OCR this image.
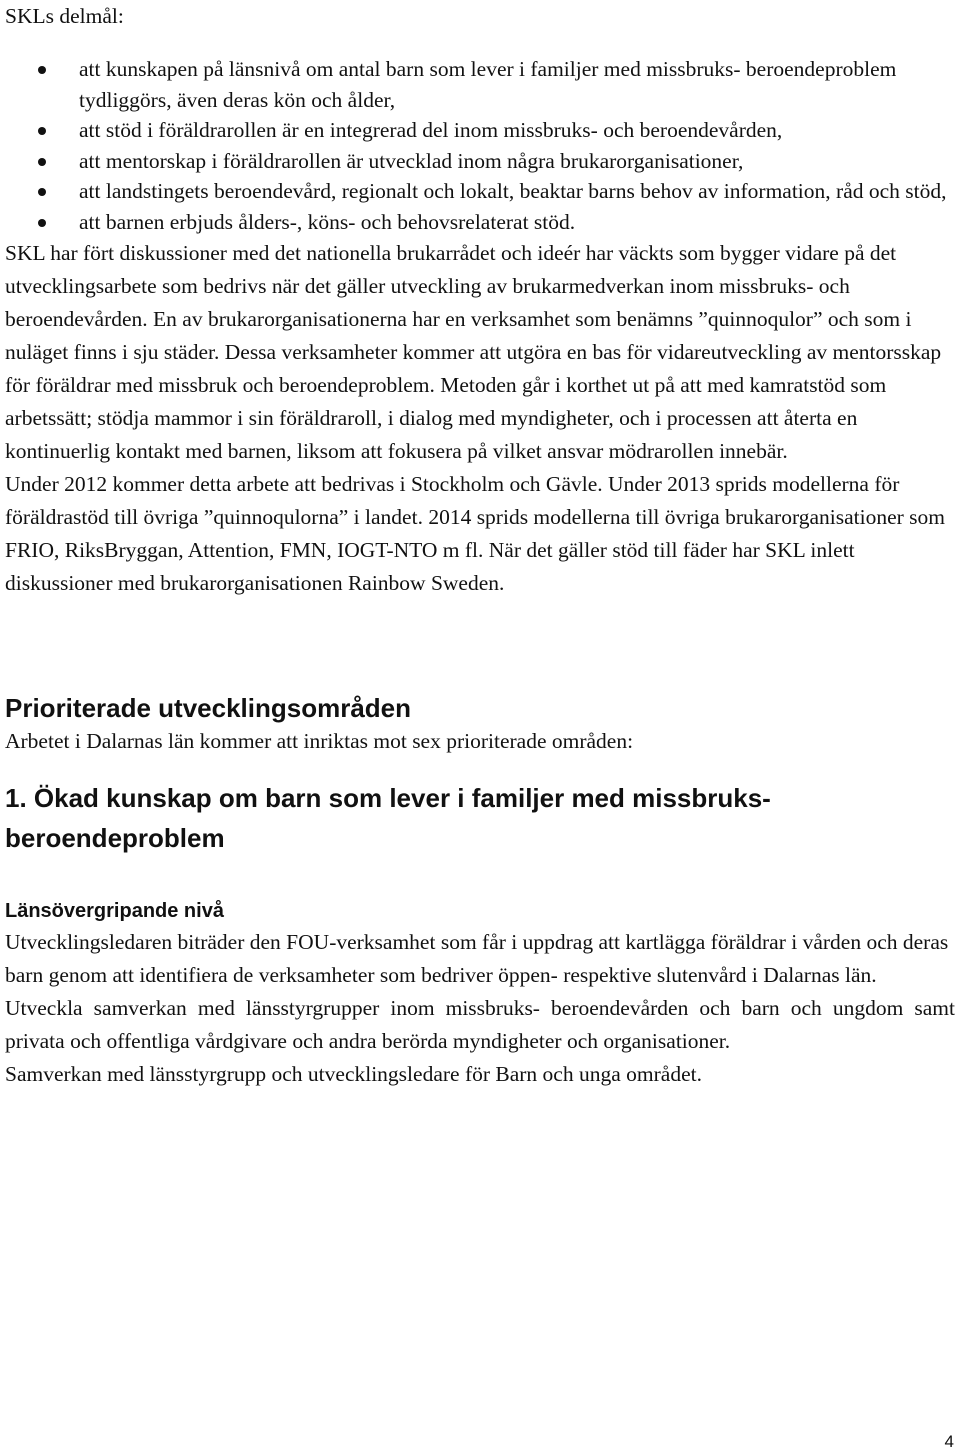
SKLs delmål:

att kunskapen på länsnivå om antal barn som lever i familjer med missbruks- beroendeproblem tydliggörs, även deras kön och ålder,
att stöd i föräldrarollen är en integrerad del inom missbruks- och beroendevården,
att mentorskap i föräldrarollen är utvecklad inom några brukarorganisationer,
att landstingets beroendevård, regionalt och lokalt, beaktar barns behov av information, råd och stöd,
att barnen erbjuds ålders-, köns- och behovsrelaterat stöd.

SKL har fört diskussioner med det nationella brukarrådet och ideér har väckts som bygger vidare på det utvecklingsarbete som bedrivs när det gäller utveckling av brukarmedverkan inom missbruks- och beroendevården. En av brukarorganisationerna har en verksamhet som benämns ”quinnoqulor” och som i nuläget finns i sju städer. Dessa verksamheter kommer att utgöra en bas för vidareutveckling av mentorsskap för föräldrar med missbruk och beroendeproblem. Metoden går i korthet ut på att med kamratstöd som arbetssätt; stödja mammor i sin föräldraroll, i dialog med myndigheter, och i processen att återta en kontinuerlig kontakt med barnen, liksom att fokusera på vilket ansvar mödrarollen innebär.

Under 2012 kommer detta arbete att bedrivas i Stockholm och Gävle. Under 2013 sprids modellerna för föräldrastöd till övriga ”quinnoqulorna” i landet. 2014 sprids modellerna till övriga brukarorganisationer som FRIO, RiksBryggan, Attention, FMN, IOGT-NTO m fl. När det gäller stöd till fäder har SKL inlett diskussioner med brukarorganisationen Rainbow Sweden.

Prioriterade utvecklingsområden

Arbetet i Dalarnas län kommer att inriktas mot sex prioriterade områden:

1. Ökad kunskap om barn som lever i familjer med missbruks- beroendeproblem
Länsövergripande nivå

Utvecklingsledaren biträder den FOU-verksamhet som får i uppdrag att kartlägga föräldrar i vården och deras barn genom att identifiera de verksamheter som bedriver öppen- respektive slutenvård i Dalarnas län.

Utveckla samverkan med länsstyrgrupper inom missbruks- beroendevården och barn och ungdom samt privata och offentliga vårdgivare och andra berörda myndigheter och organisationer.

Samverkan med länsstyrgrupp och utvecklingsledare för Barn och unga området.

4
